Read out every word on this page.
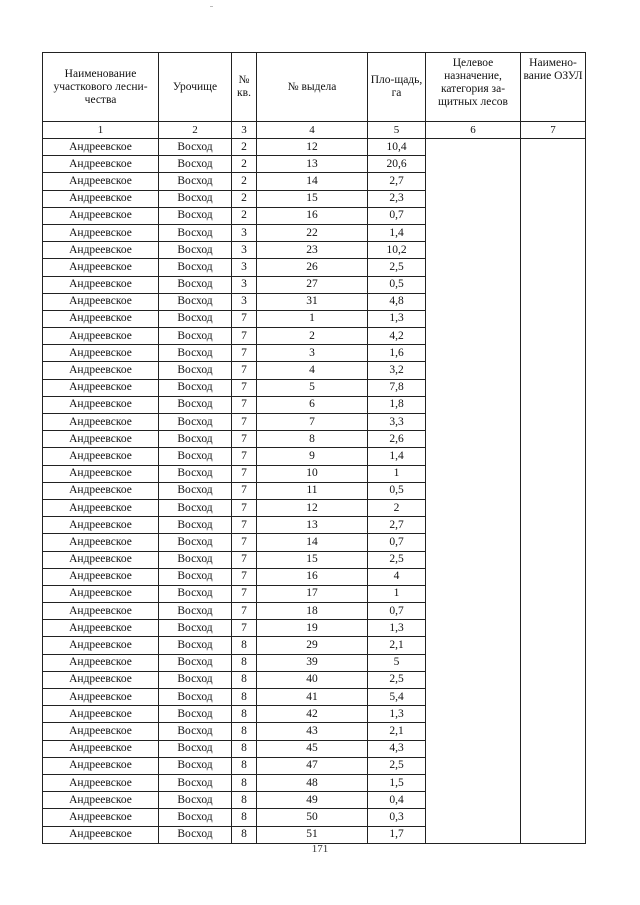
Наименование участкового лесни-чества	Урочище	№ кв.	№ выдела	Пло-щадь, га	Целевое назначение, категория за-щитных лесов	Наимено-вание ОЗУЛ
1	2	3	4	5	6	7
Андреевское	Восход	2	12	10,4		
Андреевское	Восход	2	13	20,6		
Андреевское	Восход	2	14	2,7		
Андреевское	Восход	2	15	2,3		
Андреевское	Восход	2	16	0,7		
Андреевское	Восход	3	22	1,4		
Андреевское	Восход	3	23	10,2		
Андреевское	Восход	3	26	2,5		
Андреевское	Восход	3	27	0,5		
Андреевское	Восход	3	31	4,8		
Андреевское	Восход	7	1	1,3		
Андреевское	Восход	7	2	4,2		
Андреевское	Восход	7	3	1,6		
Андреевское	Восход	7	4	3,2		
Андреевское	Восход	7	5	7,8		
Андреевское	Восход	7	6	1,8		
Андреевское	Восход	7	7	3,3		
Андреевское	Восход	7	8	2,6		
Андреевское	Восход	7	9	1,4		
Андреевское	Восход	7	10	1		
Андреевское	Восход	7	11	0,5		
Андреевское	Восход	7	12	2		
Андреевское	Восход	7	13	2,7		
Андреевское	Восход	7	14	0,7		
Андреевское	Восход	7	15	2,5		
Андреевское	Восход	7	16	4		
Андреевское	Восход	7	17	1		
Андреевское	Восход	7	18	0,7		
Андреевское	Восход	7	19	1,3		
Андреевское	Восход	8	29	2,1		
Андреевское	Восход	8	39	5		
Андреевское	Восход	8	40	2,5		
Андреевское	Восход	8	41	5,4		
Андреевское	Восход	8	42	1,3		
Андреевское	Восход	8	43	2,1		
Андреевское	Восход	8	45	4,3		
Андреевское	Восход	8	47	2,5		
Андреевское	Восход	8	48	1,5		
Андреевское	Восход	8	49	0,4		
Андреевское	Восход	8	50	0,3		
Андреевское	Восход	8	51	1,7		
171
